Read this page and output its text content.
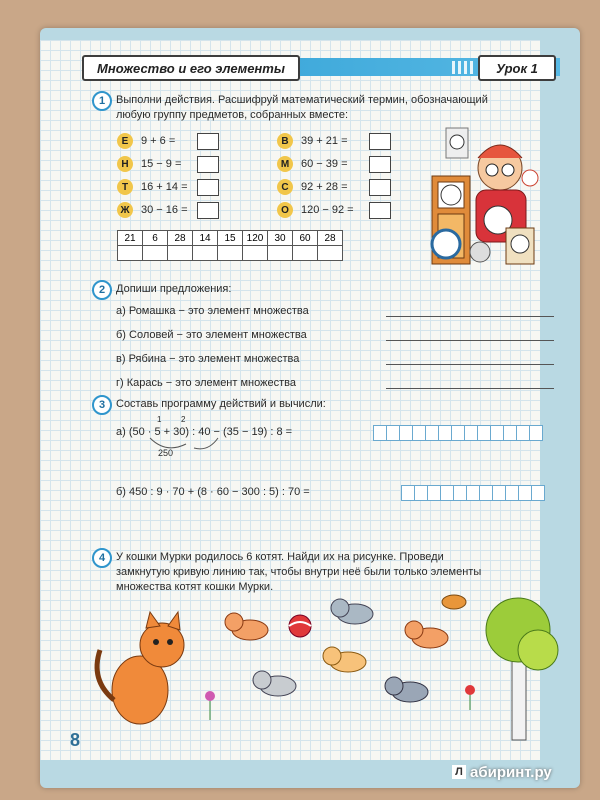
Множество и его элементы	Урок 1
1 Выполни действия. Расшифруй математический термин, обозначающий
любую группу предметов, собранных вместе:
Е	9 + 6 =
Н	15 − 9 =
Т	16 + 14 =
Ж	30 − 16 =
В	39 + 21 =
М	60 − 39 =
С	92 + 28 =
О	120 − 92 =
21	6	28	14	15	120	30	60	28

2 Допиши предложения:
а) Ромашка − это элемент множества
б) Соловей − это элемент множества
в) Рябина − это элемент множества
г) Карась − это элемент множества
3 Составь программу действий и вычисли:
а) (50 · 5 + 30) : 40 − (35 − 19) : 8 =
1 2
250
б) 450 : 9 · 70 + (8 · 60 − 300 : 5) : 70 =
4 У кошки Мурки родилось 6 котят. Найди их на рисунке. Проведи
замкнутую кривую линию так, чтобы внутри неё были только элементы
множества котят кошки Мурки.
8
Л абиринт.ру
